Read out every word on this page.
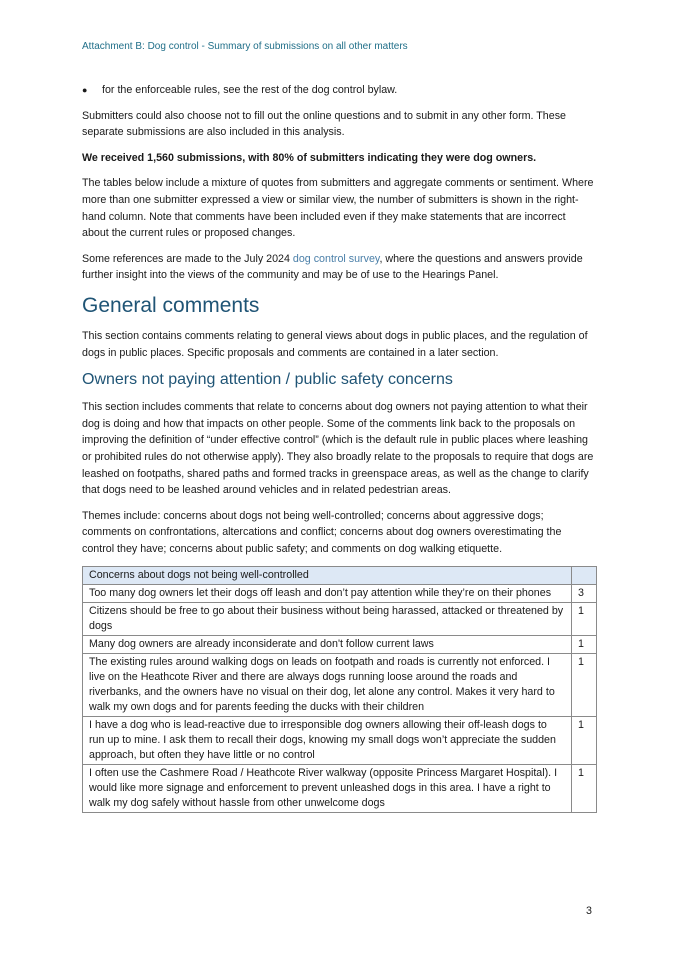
Attachment B: Dog control - Summary of submissions on all other matters
●	for the enforceable rules, see the rest of the dog control bylaw.

Submitters could also choose not to fill out the online questions and to submit in any other form. These separate submissions are also included in this analysis.

We received 1,560 submissions, with 80% of submitters indicating they were dog owners.

The tables below include a mixture of quotes from submitters and aggregate comments or sentiment. Where more than one submitter expressed a view or similar view, the number of submitters is shown in the right-hand column. Note that comments have been included even if they make statements that are incorrect about the current rules or proposed changes.

Some references are made to the July 2024 dog control survey, where the questions and answers provide further insight into the views of the community and may be of use to the Hearings Panel.

General comments

This section contains comments relating to general views about dogs in public places, and the regulation of dogs in public places. Specific proposals and comments are contained in a later section.

Owners not paying attention / public safety concerns

This section includes comments that relate to concerns about dog owners not paying attention to what their dog is doing and how that impacts on other people. Some of the comments link back to the proposals on improving the definition of “under effective control” (which is the default rule in public places where leashing or prohibited rules do not otherwise apply). They also broadly relate to the proposals to require that dogs are leashed on footpaths, shared paths and formed tracks in greenspace areas, as well as the change to clarify that dogs need to be leashed around vehicles and in related pedestrian areas.

Themes include: concerns about dogs not being well-controlled; concerns about aggressive dogs; comments on confrontations, altercations and conflict; concerns about dog owners overestimating the control they have; concerns about public safety; and comments on dog walking etiquette.

Concerns about dogs not being well-controlled	
Too many dog owners let their dogs off leash and don’t pay attention while they’re on their phones	3
Citizens should be free to go about their business without being harassed, attacked or threatened by dogs	1
Many dog owners are already inconsiderate and don't follow current laws	1
The existing rules around walking dogs on leads on footpath and roads is currently not enforced. I live on the Heathcote River and there are always dogs running loose around the roads and riverbanks, and the owners have no visual on their dog, let alone any control. Makes it very hard to walk my own dogs and for parents feeding the ducks with their children	1
I have a dog who is lead-reactive due to irresponsible dog owners allowing their off-leash dogs to run up to mine. I ask them to recall their dogs, knowing my small dogs won’t appreciate the sudden approach, but often they have little or no control	1
I often use the Cashmere Road / Heathcote River walkway (opposite Princess Margaret Hospital). I would like more signage and enforcement to prevent unleashed dogs in this area. I have a right to walk my dog safely without hassle from other unwelcome dogs	1
3
